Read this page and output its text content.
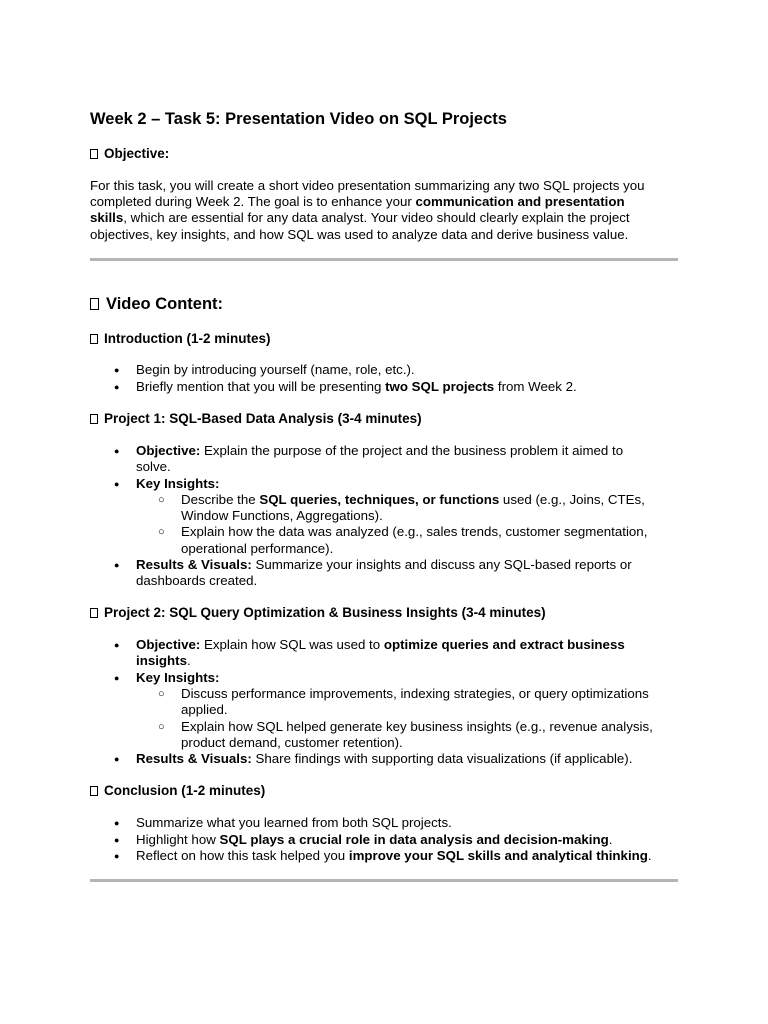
Week 2 – Task 5: Presentation Video on SQL Projects
Objective:

For this task, you will create a short video presentation summarizing any two SQL projects you

completed during Week 2. The goal is to enhance your communication and presentation

skills, which are essential for any data analyst. Your video should clearly explain the project

objectives, key insights, and how SQL was used to analyze data and derive business value.

Video Content:
Introduction (1-2 minutes)
● Begin by introducing yourself (name, role, etc.).
● Briefly mention that you will be presenting two SQL projects from Week 2.
Project 1: SQL-Based Data Analysis (3-4 minutes)
● Objective: Explain the purpose of the project and the business problem it aimed to
solve.
● Key Insights:
○ Describe the SQL queries, techniques, or functions used (e.g., Joins, CTEs,
Window Functions, Aggregations).
○ Explain how the data was analyzed (e.g., sales trends, customer segmentation,
operational performance).
● Results & Visuals: Summarize your insights and discuss any SQL-based reports or
dashboards created.
Project 2: SQL Query Optimization & Business Insights (3-4 minutes)
● Objective: Explain how SQL was used to optimize queries and extract business
insights.
● Key Insights:
○ Discuss performance improvements, indexing strategies, or query optimizations
applied.
○ Explain how SQL helped generate key business insights (e.g., revenue analysis,
product demand, customer retention).
● Results & Visuals: Share findings with supporting data visualizations (if applicable).
Conclusion (1-2 minutes)
● Summarize what you learned from both SQL projects.
● Highlight how SQL plays a crucial role in data analysis and decision-making.
● Reflect on how this task helped you improve your SQL skills and analytical thinking.
